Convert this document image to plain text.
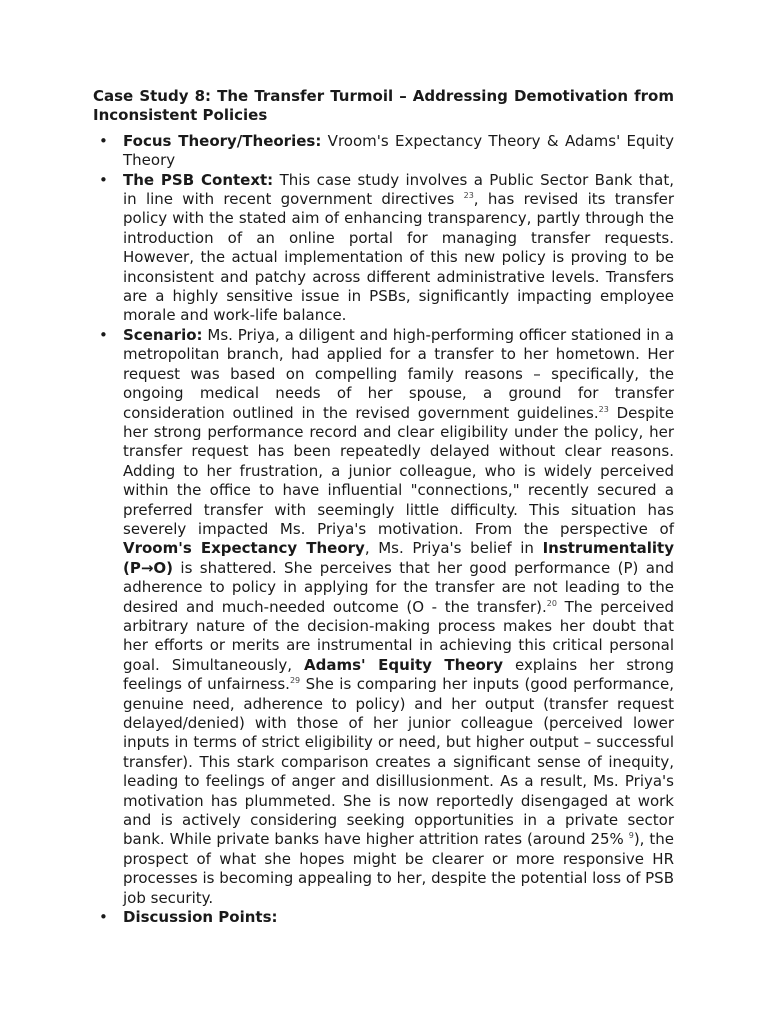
Case Study 8: The Transfer Turmoil – Addressing Demotivation from Inconsistent Policies
• Focus Theory/Theories: Vroom's Expectancy Theory & Adams' Equity Theory
• The PSB Context: This case study involves a Public Sector Bank that, in line with recent government directives $^{23}$, has revised its transfer policy with the stated aim of enhancing transparency, partly through the introduction of an online portal for managing transfer requests. However, the actual implementation of this new policy is proving to be inconsistent and patchy across different administrative levels. Transfers are a highly sensitive issue in PSBs, significantly impacting employee morale and work-life balance.
• Scenario: Ms. Priya, a diligent and high-performing officer stationed in a metropolitan branch, had applied for a transfer to her hometown. Her request was based on compelling family reasons – specifically, the ongoing medical needs of her spouse, a ground for transfer consideration outlined in the revised government guidelines.$^{23}$ Despite her strong performance record and clear eligibility under the policy, her transfer request has been repeatedly delayed without clear reasons. Adding to her frustration, a junior colleague, who is widely perceived within the office to have influential "connections," recently secured a preferred transfer with seemingly little difficulty. This situation has severely impacted Ms. Priya's motivation. From the perspective of Vroom's Expectancy Theory, Ms. Priya's belief in Instrumentality (P→O) is shattered. She perceives that her good performance (P) and adherence to policy in applying for the transfer are not leading to the desired and much-needed outcome (O - the transfer).$^{20}$ The perceived arbitrary nature of the decision-making process makes her doubt that her efforts or merits are instrumental in achieving this critical personal goal. Simultaneously, Adams' Equity Theory explains her strong feelings of unfairness.$^{29}$ She is comparing her inputs (good performance, genuine need, adherence to policy) and her output (transfer request delayed/denied) with those of her junior colleague (perceived lower inputs in terms of strict eligibility or need, but higher output – successful transfer). This stark comparison creates a significant sense of inequity, leading to feelings of anger and disillusionment. As a result, Ms. Priya's motivation has plummeted. She is now reportedly disengaged at work and is actively considering seeking opportunities in a private sector bank. While private banks have higher attrition rates (around 25% $^9$), the prospect of what she hopes might be clearer or more responsive HR processes is becoming appealing to her, despite the potential loss of PSB job security.
• Discussion Points:
